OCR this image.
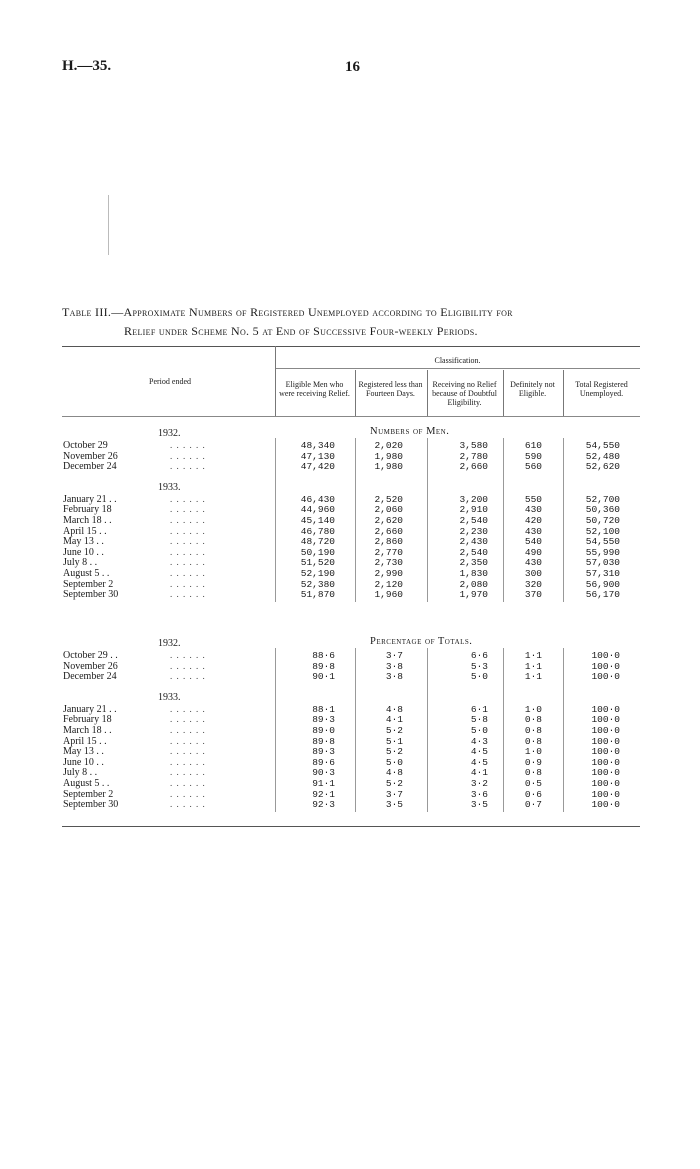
H.—35.	16
Table III.—Approximate Numbers of Registered Unemployed according to Eligibility for
Relief under Scheme No. 5 at End of Successive Four-weekly Periods.
Period ended
Classification.
Eligible Men who were receiving Relief.
Registered less than Fourteen Days.
Receiving no Relief because of Doubtful Eligibility.
Definitely not Eligible.
Total Registered Unemployed.
Numbers of Men.
1932.
October 29	. . . . . .	48,340	2,020	3,580	610	54,550
November 26	. . . . . .	47,130	1,980	2,780	590	52,480
December 24	. . . . . .	47,420	1,980	2,660	560	52,620
1933.
January 21 . .	. . . . . .	46,430	2,520	3,200	550	52,700
February 18	. . . . . .	44,960	2,060	2,910	430	50,360
March 18 . .	. . . . . .	45,140	2,620	2,540	420	50,720
April 15 . .	. . . . . .	46,780	2,660	2,230	430	52,100
May 13 . .	. . . . . .	48,720	2,860	2,430	540	54,550
June 10 . .	. . . . . .	50,190	2,770	2,540	490	55,990
July 8 . .	. . . . . .	51,520	2,730	2,350	430	57,030
August 5 . .	. . . . . .	52,190	2,990	1,830	300	57,310
September 2	. . . . . .	52,380	2,120	2,080	320	56,900
September 30	. . . . . .	51,870	1,960	1,970	370	56,170
Percentage of Totals.
1932.
October 29 . .	. . . . . .	88·6	3·7	6·6	1·1	100·0
November 26	. . . . . .	89·8	3·8	5·3	1·1	100·0
December 24	. . . . . .	90·1	3·8	5·0	1·1	100·0
1933.
January 21 . .	. . . . . .	88·1	4·8	6·1	1·0	100·0
February 18	. . . . . .	89·3	4·1	5·8	0·8	100·0
March 18 . .	. . . . . .	89·0	5·2	5·0	0·8	100·0
April 15 . .	. . . . . .	89·8	5·1	4·3	0·8	100·0
May 13 . .	. . . . . .	89·3	5·2	4·5	1·0	100·0
June 10 . .	. . . . . .	89·6	5·0	4·5	0·9	100·0
July 8 . .	. . . . . .	90·3	4·8	4·1	0·8	100·0
August 5 . .	. . . . . .	91·1	5·2	3·2	0·5	100·0
September 2	. . . . . .	92·1	3·7	3·6	0·6	100·0
September 30	. . . . . .	92·3	3·5	3·5	0·7	100·0
